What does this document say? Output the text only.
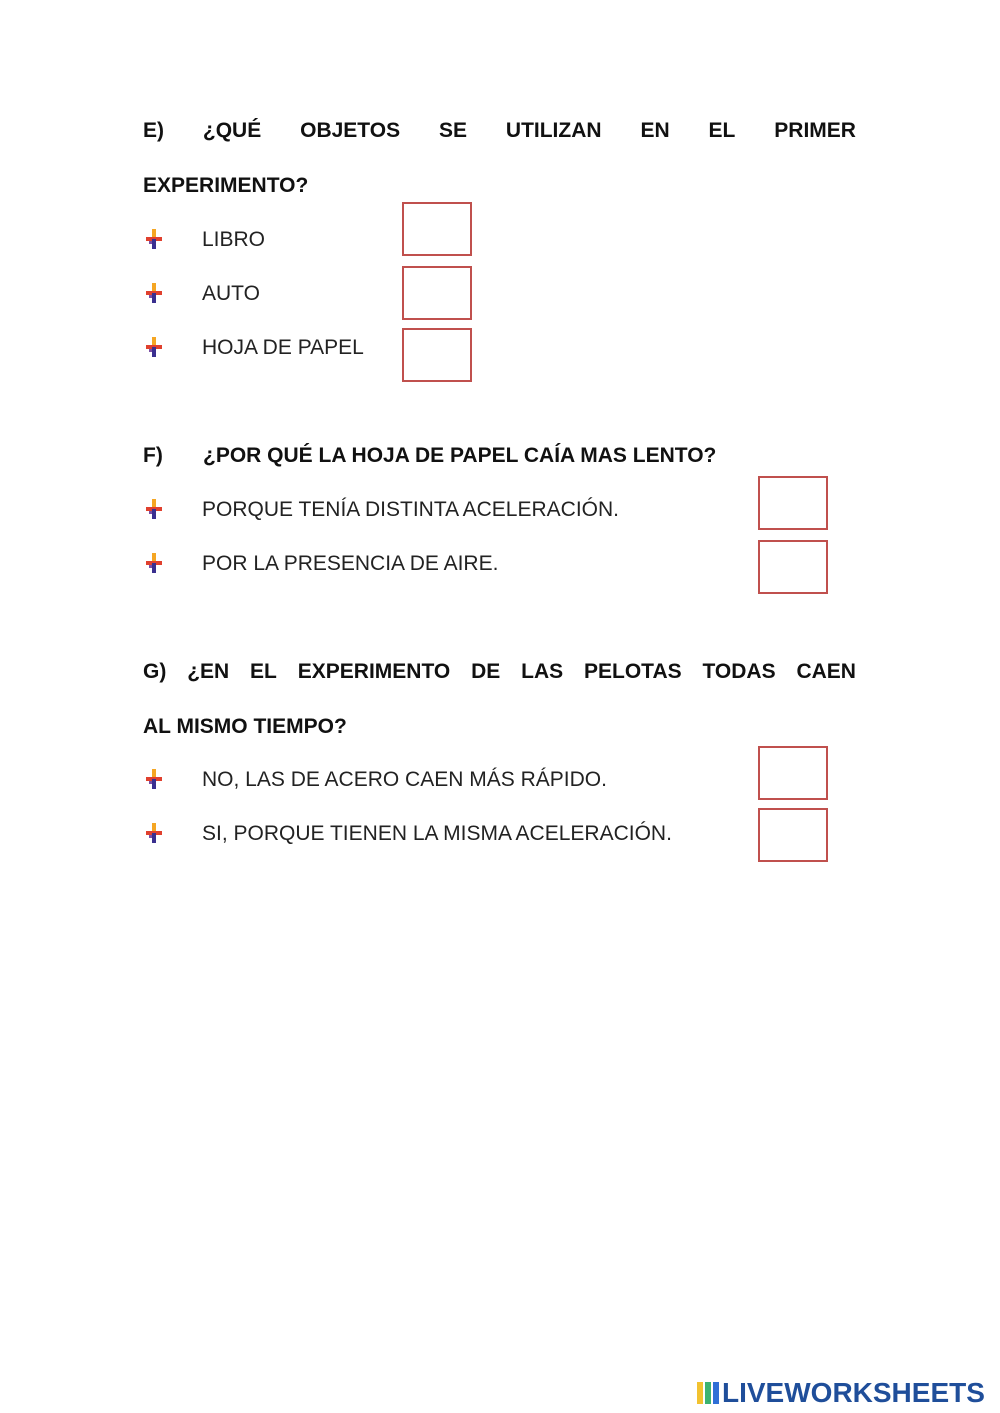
E) ¿QUÉ OBJETOS SE UTILIZAN EN EL PRIMER
EXPERIMENTO?
LIBRO
AUTO
HOJA DE PAPEL
F)	¿POR QUÉ LA HOJA DE PAPEL CAÍA MAS LENTO?
PORQUE TENÍA DISTINTA ACELERACIÓN.
POR LA PRESENCIA DE AIRE.
G) ¿EN EL EXPERIMENTO DE LAS PELOTAS TODAS CAEN
AL MISMO TIEMPO?
NO, LAS DE ACERO CAEN MÁS RÁPIDO.
SI, PORQUE TIENEN LA MISMA ACELERACIÓN.
LIVEWORKSHEETS
